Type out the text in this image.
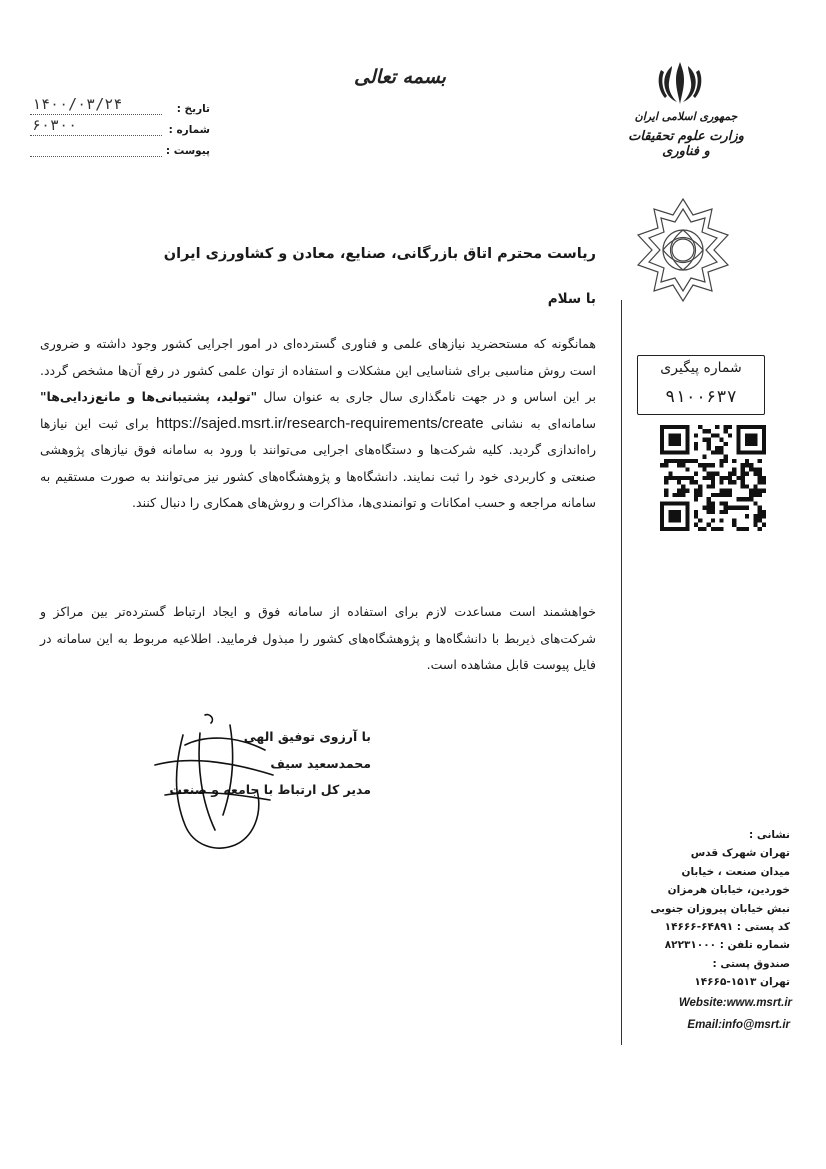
بسمه تعالی
جمهوری اسلامی ایران
وزارت علوم تحقیقات و فناوری
تاریخ :
۱۴۰۰/۰۳/۲۴
شماره :
۶۰۳۰۰
پیوست :
شماره پیگیری
۹۱۰۰۶۳۷
ریاست محترم اتاق بازرگانی، صنایع، معادن و کشاورزی ایران
با سلام
همانگونه که مستحضرید نیازهای علمی و فناوری گسترده‌ای در امور اجرایی کشور وجود داشته و ضروری است روش مناسبی برای شناسایی این مشکلات و استفاده از توان علمی کشور در رفع آن‌ها مشخص گردد. بر این اساس و در جهت نامگذاری سال جاری به عنوان سال "تولید، پشتیبانی‌ها و مانع‌زدایی‌ها" سامانه‌ای به نشانی https://sajed.msrt.ir/research-requirements/create برای ثبت این نیازها راه‌اندازی گردید. کلیه شرکت‌ها و دستگاه‌های اجرایی می‌توانند با ورود به سامانه فوق نیازهای پژوهشی صنعتی و کاربردی خود را ثبت نمایند. دانشگاه‌ها و پژوهشگاه‌های کشور نیز می‌توانند به صورت مستقیم به سامانه مراجعه و حسب امکانات و توانمندی‌ها، مذاکرات و روش‌های همکاری را دنبال کنند.
خواهشمند است مساعدت لازم برای استفاده از سامانه فوق و ایجاد ارتباط گسترده‌تر بین مراکز و شرکت‌های ذیربط با دانشگاه‌ها و پژوهشگاه‌های کشور را مبذول فرمایید. اطلاعیه مربوط به این سامانه در فایل پیوست قابل مشاهده است.
با آرزوی توفیق الهی
محمدسعید سیف
مدیر کل ارتباط با جامعه و صنعت
نشانی :
تهران شهرک قدس
میدان صنعت ، خیابان
خوردین، خیابان هرمزان
نبش خیابان پیروزان جنوبی
کد پستی : ۶۴۸۹۱-۱۴۶۶۶
شماره تلفن : ۸۲۲۳۱۰۰۰
صندوق پستی :
تهران ۱۵۱۳-۱۴۶۶۵
Website:www.msrt.ir
Email:info@msrt.ir
